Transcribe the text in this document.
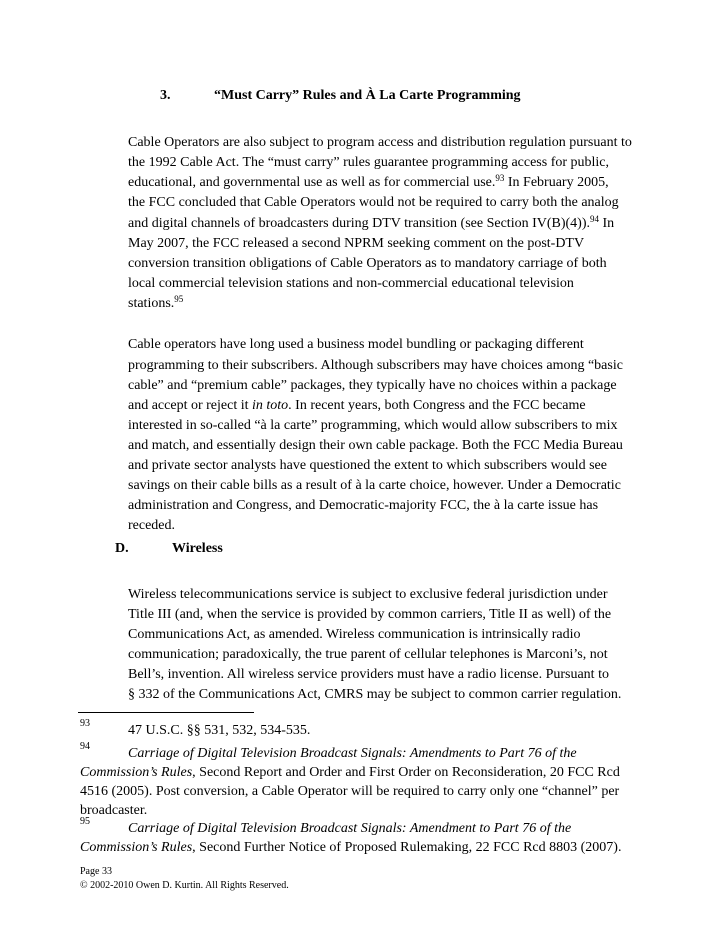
3.	“Must Carry” Rules and À La Carte Programming
Cable Operators are also subject to program access and distribution regulation pursuant to
the 1992 Cable Act. The “must carry” rules guarantee programming access for public,
educational, and governmental use as well as for commercial use.$^{93}$ In February 2005,
the FCC concluded that Cable Operators would not be required to carry both the analog
and digital channels of broadcasters during DTV transition (see Section IV(B)(4)).$^{94}$ In
May 2007, the FCC released a second NPRM seeking comment on the post-DTV
conversion transition obligations of Cable Operators as to mandatory carriage of both
local commercial television stations and non-commercial educational television
stations.$^{95}$
Cable operators have long used a business model bundling or packaging different
programming to their subscribers. Although subscribers may have choices among “basic
cable” and “premium cable” packages, they typically have no choices within a package
and accept or reject it in toto. In recent years, both Congress and the FCC became
interested in so-called “à la carte” programming, which would allow subscribers to mix
and match, and essentially design their own cable package. Both the FCC Media Bureau
and private sector analysts have questioned the extent to which subscribers would see
savings on their cable bills as a result of à la carte choice, however. Under a Democratic
administration and Congress, and Democratic-majority FCC, the à la carte issue has
receded.
D.	Wireless
Wireless telecommunications service is subject to exclusive federal jurisdiction under
Title III (and, when the service is provided by common carriers, Title II as well) of the
Communications Act, as amended. Wireless communication is intrinsically radio
communication; paradoxically, the true parent of cellular telephones is Marconi’s, not
Bell’s, invention. All wireless service providers must have a radio license. Pursuant to
§ 332 of the Communications Act, CMRS may be subject to common carrier regulation.
93	47 U.S.C. §§ 531, 532, 534-535.
94	Carriage of Digital Television Broadcast Signals: Amendments to Part 76 of the
Commission’s Rules, Second Report and Order and First Order on Reconsideration, 20 FCC Rcd
4516 (2005). Post conversion, a Cable Operator will be required to carry only one “channel” per
broadcaster.
95	Carriage of Digital Television Broadcast Signals: Amendment to Part 76 of the
Commission’s Rules, Second Further Notice of Proposed Rulemaking, 22 FCC Rcd 8803 (2007).
Page 33
© 2002-2010 Owen D. Kurtin. All Rights Reserved.
